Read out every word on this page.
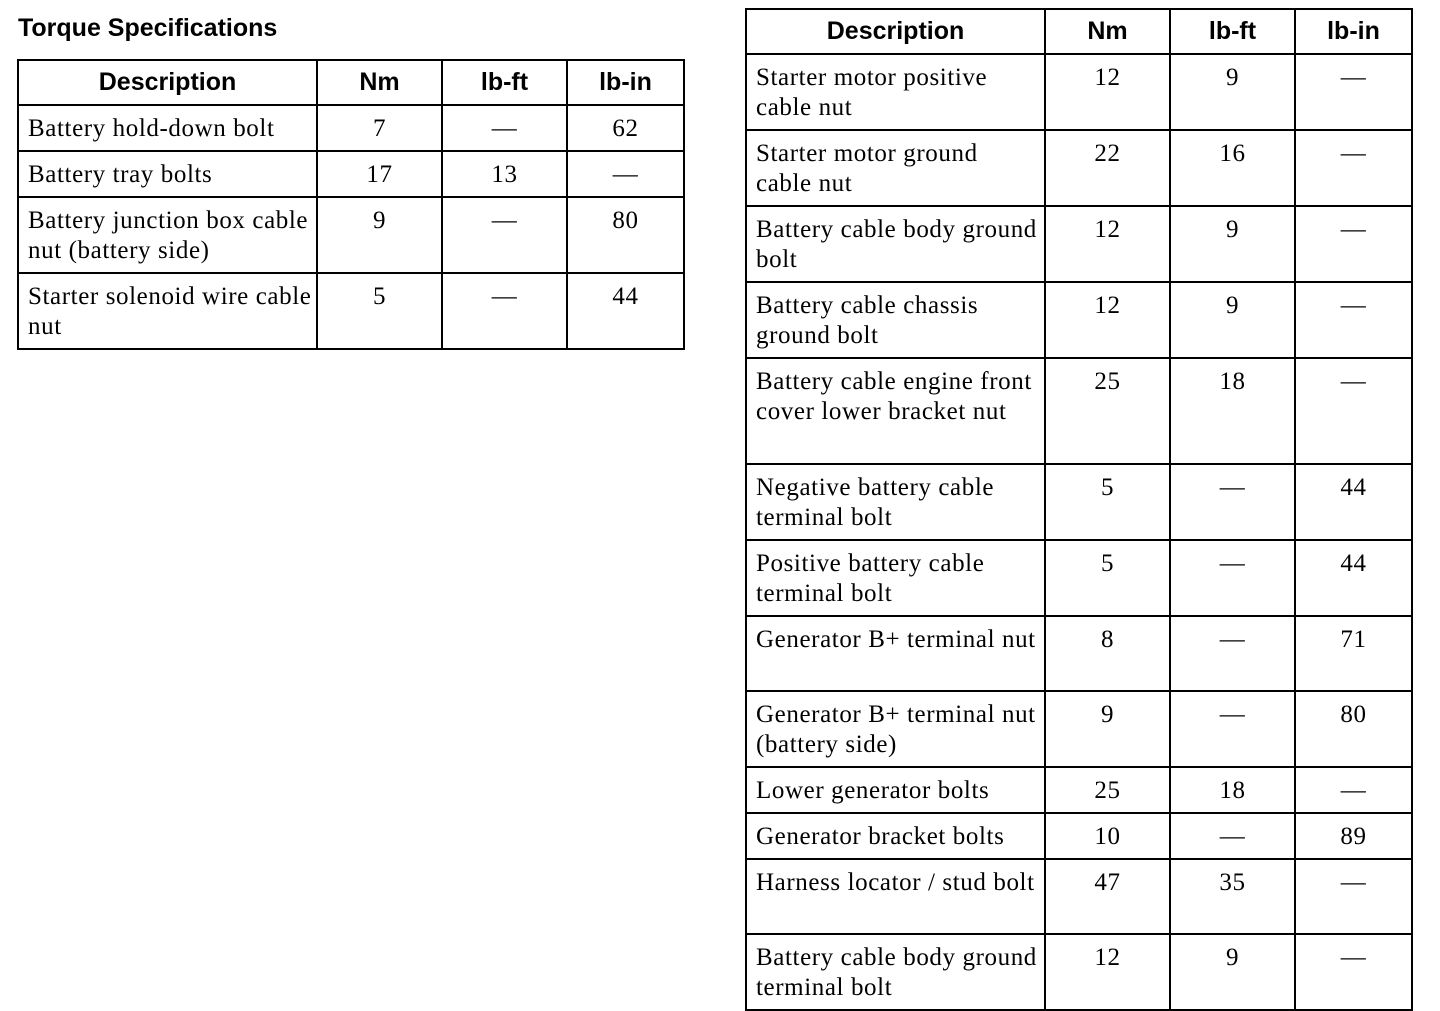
Torque Specifications
Description	Nm	lb-ft	lb-in
Battery hold-down bolt	7	—	62
Battery tray bolts	17	13	—
Battery junction box cable nut (battery side)	9	—	80
Starter solenoid wire cable nut	5	—	44
Description	Nm	lb-ft	lb-in
Starter motor positive cable nut	12	9	—
Starter motor ground cable nut	22	16	—
Battery cable body ground bolt	12	9	—
Battery cable chassis ground bolt	12	9	—
Battery cable engine front cover lower bracket nut	25	18	—
Negative battery cable terminal bolt	5	—	44
Positive battery cable terminal bolt	5	—	44
Generator B+ terminal nut	8	—	71
Generator B+ terminal nut (battery side)	9	—	80
Lower generator bolts	25	18	—
Generator bracket bolts	10	—	89
Harness locator / stud bolt	47	35	—
Battery cable body ground terminal bolt	12	9	—
